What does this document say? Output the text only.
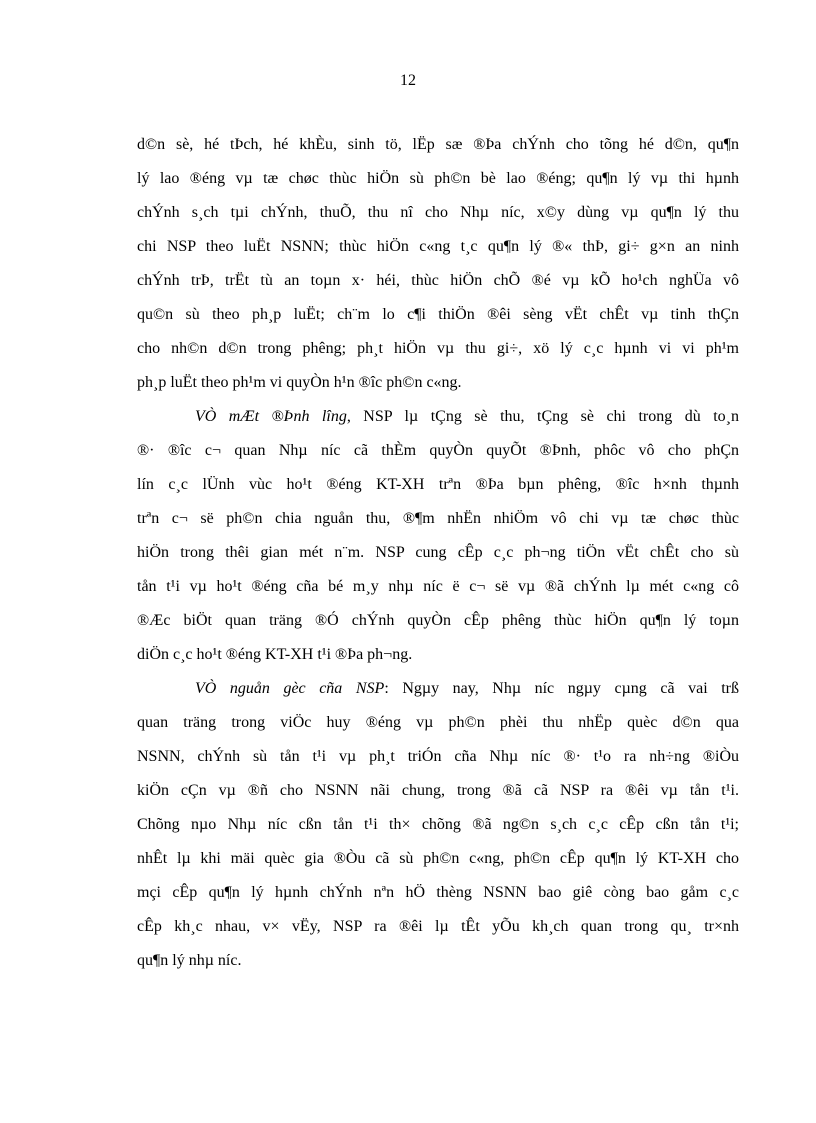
12
d©n sè, hé tÞch, hé khÈu, sinh tö, lËp sæ ®Þa chÝnh cho tõng hé d©n, qu¶n
lý lao ®éng vµ tæ chøc thùc hiÖn sù ph©n bè lao ®éng; qu¶n lý vµ thi hµnh
chÝnh s¸ch tµi chÝnh, thuÕ, thu nî cho Nhµ níc, x©y dùng vµ qu¶n lý thu
chi NSP theo luËt NSNN; thùc hiÖn c«ng t¸c qu¶n lý ®« thÞ, gi÷ g×n an ninh
chÝnh trÞ, trËt tù an toµn x· héi, thùc hiÖn chÕ ®é vµ kÕ ho¹ch nghÜa vô
qu©n sù theo ph¸p luËt; ch¨m lo c¶i thiÖn ®êi sèng vËt chÊt vµ tinh thÇn
cho nh©n d©n trong phêng; ph¸t hiÖn vµ thu gi÷, xö lý c¸c hµnh vi vi ph¹m
ph¸p luËt theo ph¹m vi quyÒn h¹n ®îc ph©n c«ng.
VÒ mÆt ®Þnh lîng, NSP lµ tÇng sè thu, tÇng sè chi trong dù to¸n
®· ®îc c¬ quan Nhµ níc cã thÈm quyÒn quyÕt ®Þnh, phôc vô cho phÇn
lín c¸c lÜnh vùc ho¹t ®éng KT-XH trªn ®Þa bµn phêng, ®îc h×nh thµnh
trªn c¬ së ph©n chia nguån thu, ®¶m nhËn nhiÖm vô chi vµ tæ chøc thùc
hiÖn trong thêi gian mét n¨m. NSP cung cÊp c¸c ph¬ng tiÖn vËt chÊt cho sù
tån t¹i vµ ho¹t ®éng cña bé m¸y nhµ níc ë c¬ së vµ ®ã chÝnh lµ mét c«ng cô
®Æc biÖt quan träng ®Ó chÝnh quyÒn cÊp phêng thùc hiÖn qu¶n lý toµn
diÖn c¸c ho¹t ®éng KT-XH t¹i ®Þa ph¬ng.
VÒ nguån gèc cña NSP: Ngµy nay, Nhµ níc ngµy cµng cã vai trß
quan träng trong viÖc huy ®éng vµ ph©n phèi thu nhËp quèc d©n qua
NSNN, chÝnh sù tån t¹i vµ ph¸t triÓn cña Nhµ níc ®· t¹o ra nh÷ng ®iÒu
kiÖn cÇn vµ ®ñ cho NSNN nãi chung, trong ®ã cã NSP ra ®êi vµ tån t¹i.
Chõng nµo Nhµ níc cßn tån t¹i th× chõng ®ã ng©n s¸ch c¸c cÊp cßn tån t¹i;
nhÊt lµ khi mäi quèc gia ®Òu cã sù ph©n c«ng, ph©n cÊp qu¶n lý KT-XH cho
mçi cÊp qu¶n lý hµnh chÝnh nªn hÖ thèng NSNN bao giê còng bao gåm c¸c
cÊp kh¸c nhau, v× vËy, NSP ra ®êi lµ tÊt yÕu kh¸ch quan trong qu¸ tr×nh
qu¶n lý nhµ níc.
